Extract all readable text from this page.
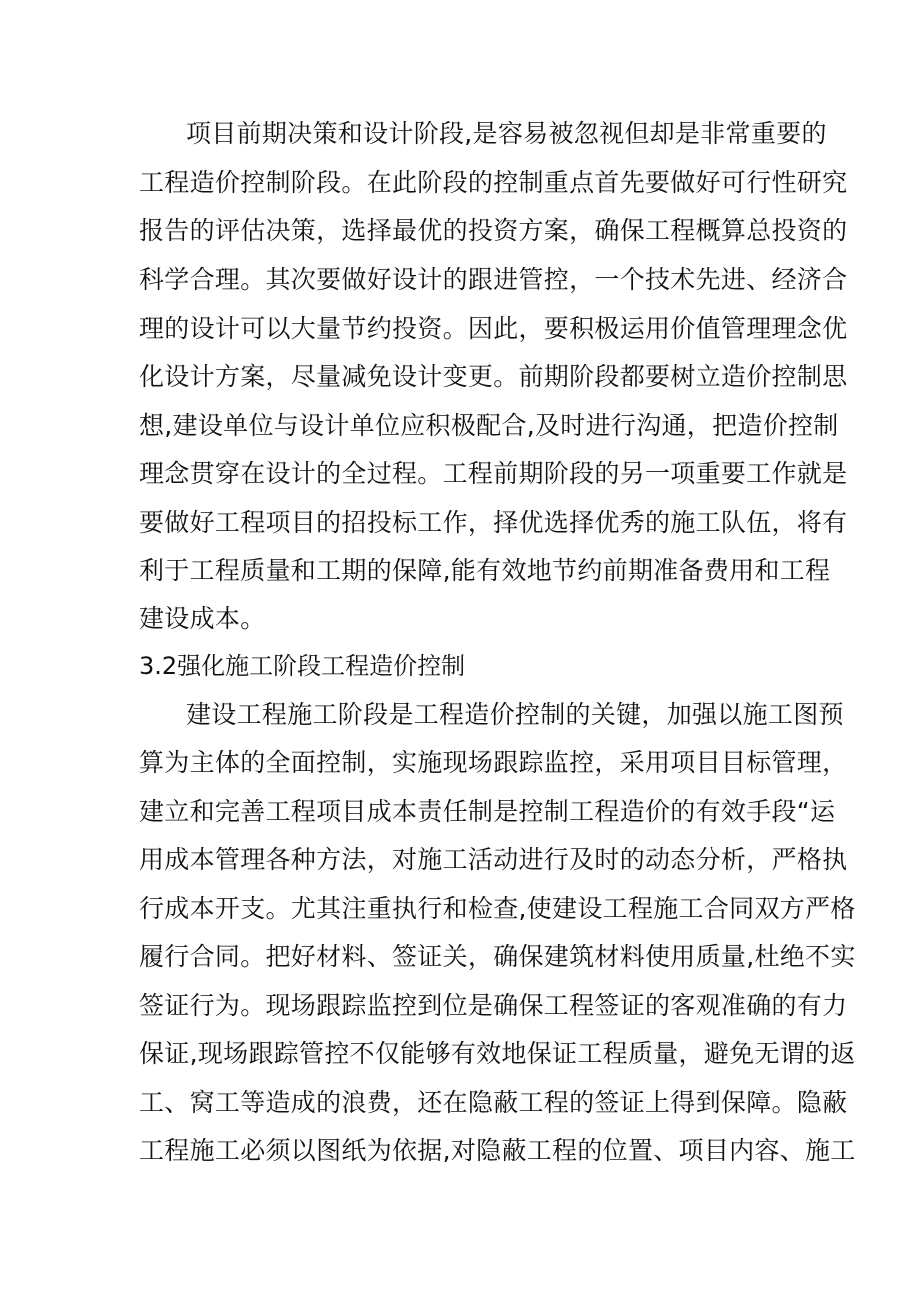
项目前期决策和设计阶段,是容易被忽视但却是非常重要的
工程造价控制阶段。在此阶段的控制重点首先要做好可行性研究
报告的评估决策，选择最优的投资方案，确保工程概算总投资的
科学合理。其次要做好设计的跟进管控，一个技术先进、经济合
理的设计可以大量节约投资。因此，要积极运用价值管理理念优
化设计方案，尽量减免设计变更。前期阶段都要树立造价控制思
想,建设单位与设计单位应积极配合,及时进行沟通，把造价控制
理念贯穿在设计的全过程。工程前期阶段的另一项重要工作就是
要做好工程项目的招投标工作，择优选择优秀的施工队伍，将有
利于工程质量和工期的保障,能有效地节约前期准备费用和工程
建设成本。
3.2强化施工阶段工程造价控制
建设工程施工阶段是工程造价控制的关键，加强以施工图预
算为主体的全面控制，实施现场跟踪监控，采用项目目标管理，
建立和完善工程项目成本责任制是控制工程造价的有效手段“运
用成本管理各种方法，对施工活动进行及时的动态分析，严格执
行成本开支。尤其注重执行和检查,使建设工程施工合同双方严格
履行合同。把好材料、签证关，确保建筑材料使用质量,杜绝不实
签证行为。现场跟踪监控到位是确保工程签证的客观准确的有力
保证,现场跟踪管控不仅能够有效地保证工程质量，避免无谓的返
工、窝工等造成的浪费，还在隐蔽工程的签证上得到保障。隐蔽
工程施工必须以图纸为依据,对隐蔽工程的位置、项目内容、施工
